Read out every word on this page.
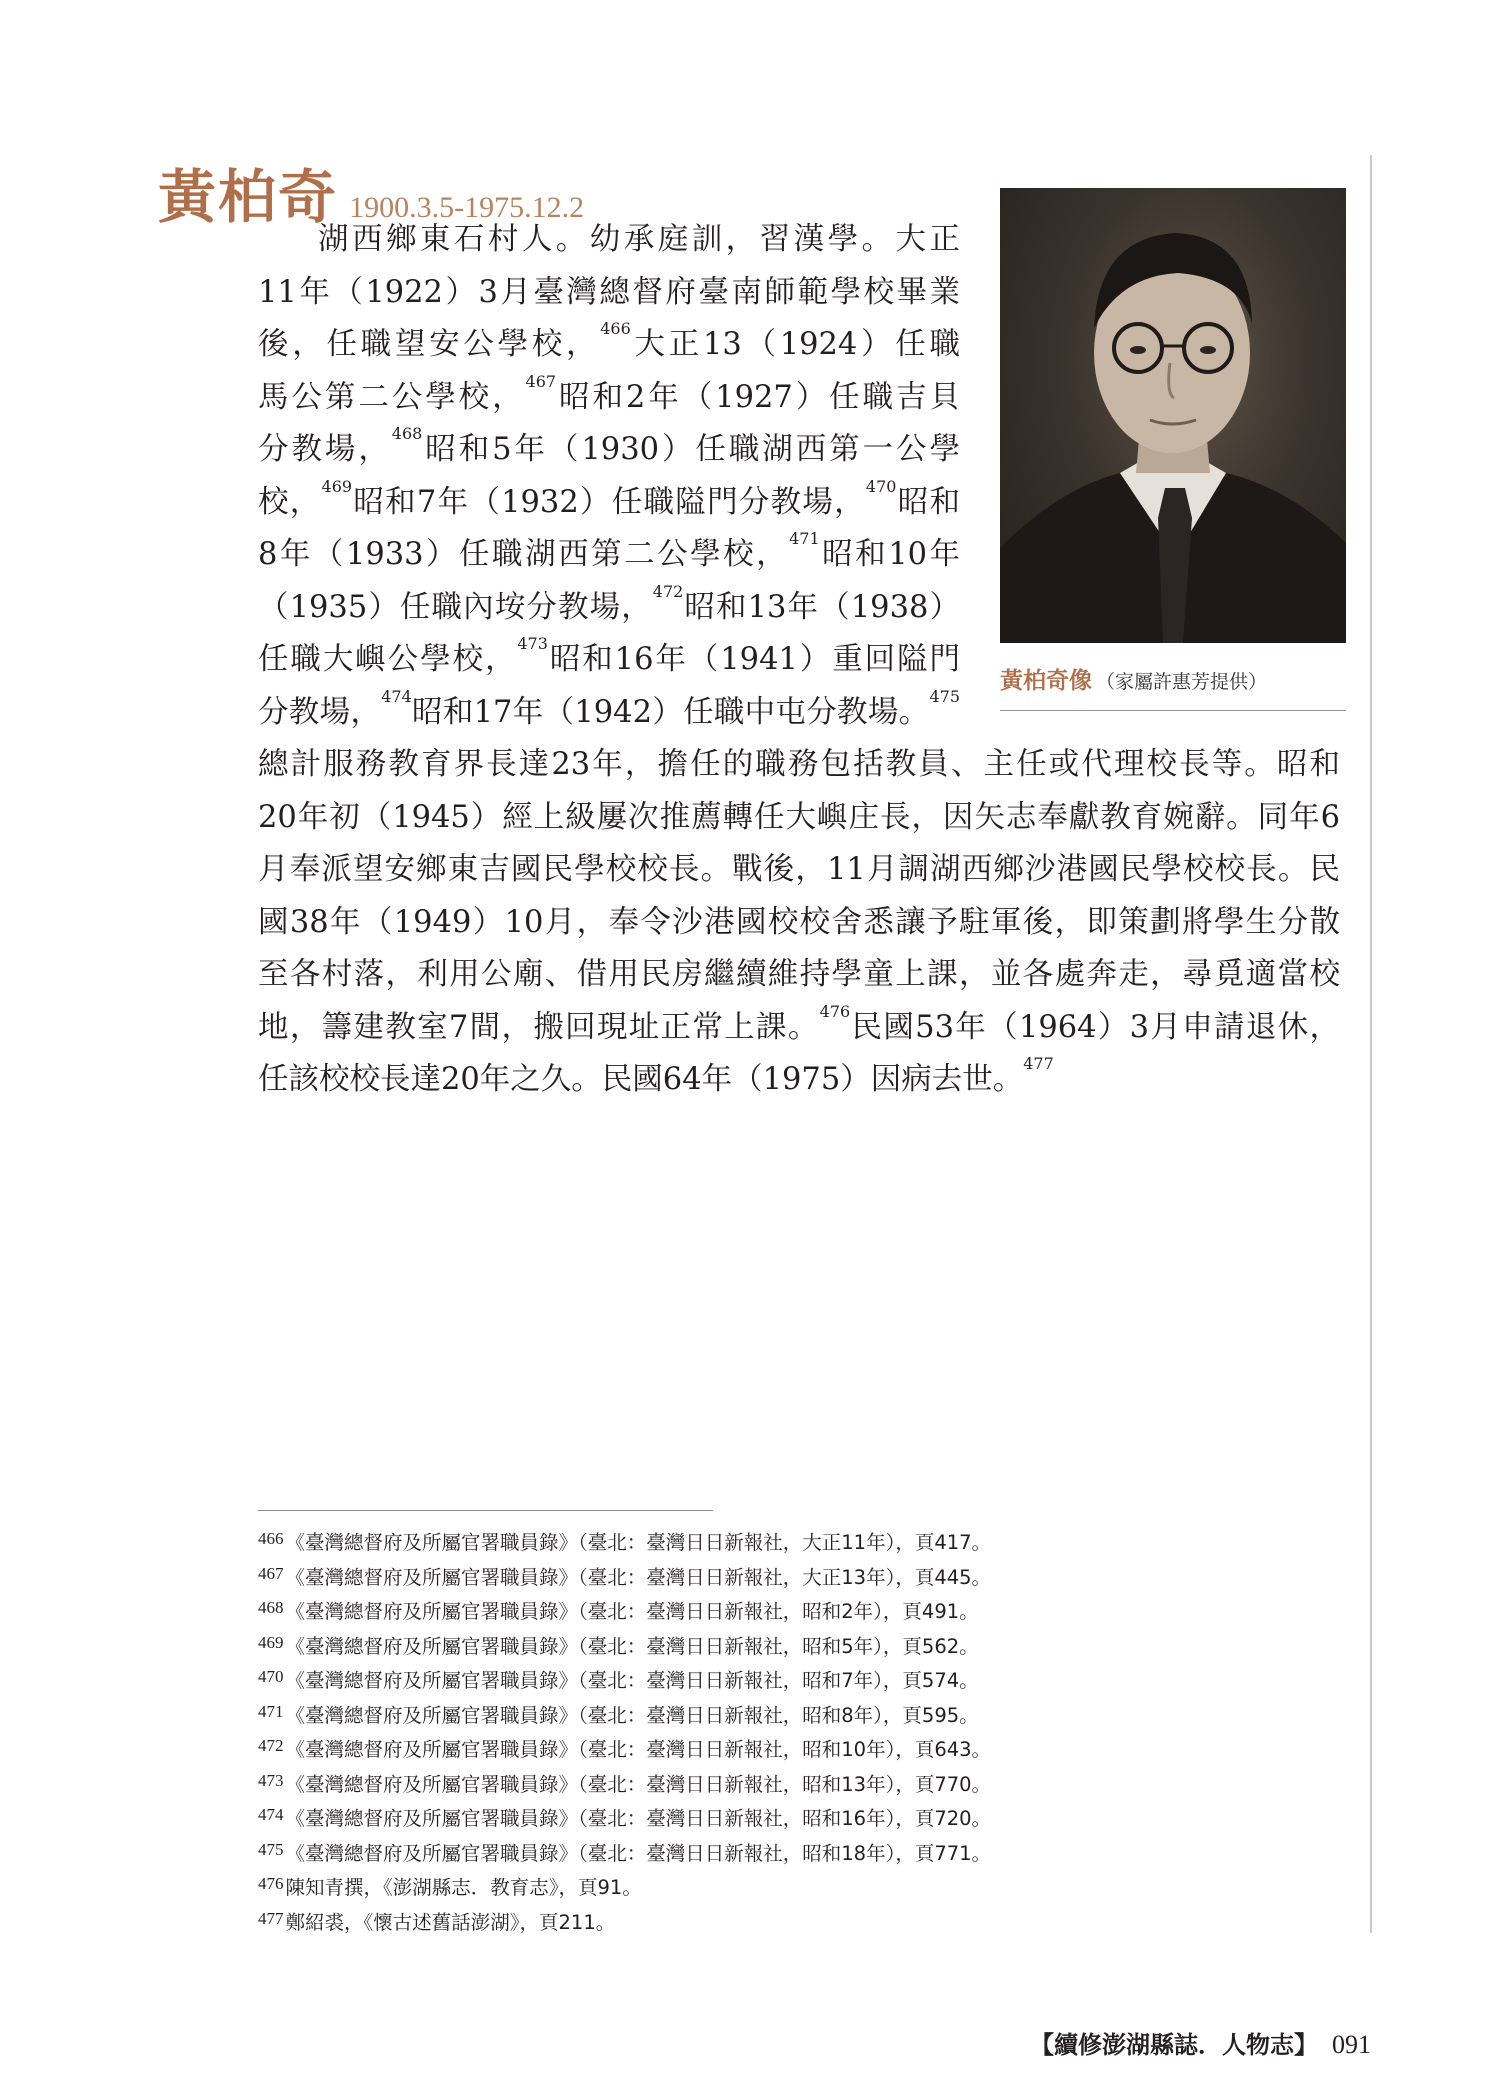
黃柏奇 1900.3.5-1975.12.2
黃柏奇像 （家屬許惠芳提供）
湖西鄉東石村人。幼承庭訓，習漢學。大正
11年（1922）3月臺灣總督府臺南師範學校畢業
後，任職望安公學校，$^{466}$大正13（1924）任職
馬公第二公學校，$^{467}$昭和2年（1927）任職吉貝
分教場，$^{468}$昭和5年（1930）任職湖西第一公學
校，$^{469}$昭和7年（1932）任職隘門分教場，$^{470}$昭和
8年（1933）任職湖西第二公學校，$^{471}$昭和10年
（1935）任職內垵分教場，$^{472}$昭和13年（1938）
任職大嶼公學校，$^{473}$昭和16年（1941）重回隘門
分教場，$^{474}$昭和17年（1942）任職中屯分教場。$^{475}$
總計服務教育界長達23年，擔任的職務包括教員、主任或代理校長等。昭和
20年初（1945）經上級屢次推薦轉任大嶼庄長，因矢志奉獻教育婉辭。同年6
月奉派望安鄉東吉國民學校校長。戰後，11月調湖西鄉沙港國民學校校長。民
國38年（1949）10月，奉令沙港國校校舍悉讓予駐軍後，即策劃將學生分散
至各村落，利用公廟、借用民房繼續維持學童上課，並各處奔走，尋覓適當校
地，籌建教室7間，搬回現址正常上課。$^{476}$民國53年（1964）3月申請退休，
任該校校長達20年之久。民國64年（1975）因病去世。$^{477}$
466 《臺灣總督府及所屬官署職員錄》（臺北：臺灣日日新報社，大正11年），頁417。
467 《臺灣總督府及所屬官署職員錄》（臺北：臺灣日日新報社，大正13年），頁445。
468 《臺灣總督府及所屬官署職員錄》（臺北：臺灣日日新報社，昭和2年），頁491。
469 《臺灣總督府及所屬官署職員錄》（臺北：臺灣日日新報社，昭和5年），頁562。
470 《臺灣總督府及所屬官署職員錄》（臺北：臺灣日日新報社，昭和7年），頁574。
471 《臺灣總督府及所屬官署職員錄》（臺北：臺灣日日新報社，昭和8年），頁595。
472 《臺灣總督府及所屬官署職員錄》（臺北：臺灣日日新報社，昭和10年），頁643。
473 《臺灣總督府及所屬官署職員錄》（臺北：臺灣日日新報社，昭和13年），頁770。
474 《臺灣總督府及所屬官署職員錄》（臺北：臺灣日日新報社，昭和16年），頁720。
475 《臺灣總督府及所屬官署職員錄》（臺北：臺灣日日新報社，昭和18年），頁771。
476 陳知青撰，《澎湖縣志．教育志》，頁91。
477 鄭紹裘，《懷古述舊話澎湖》，頁211。
【續修澎湖縣誌．人物志】 091
